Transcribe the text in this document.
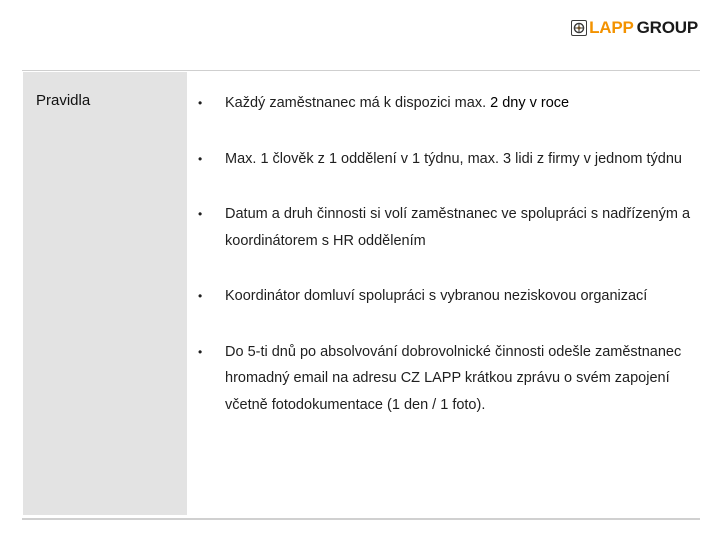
LAPP GROUP
Pravidla	•	Každý zaměstnanec má k dispozici max. 2 dny v roce
•	Max. 1 člověk z 1 oddělení v 1 týdnu, max. 3 lidi z firmy v jednom týdnu
•	Datum a druh činnosti si volí zaměstnanec ve spolupráci s nadřízeným a koordinátorem s HR oddělením
•	Koordinátor domluví spolupráci s vybranou neziskovou organizací
•	Do 5-ti dnů po absolvování dobrovolnické činnosti odešle zaměstnanec hromadný email na adresu CZ LAPP krátkou zprávu o svém zapojení včetně fotodokumentace (1 den / 1 foto).
